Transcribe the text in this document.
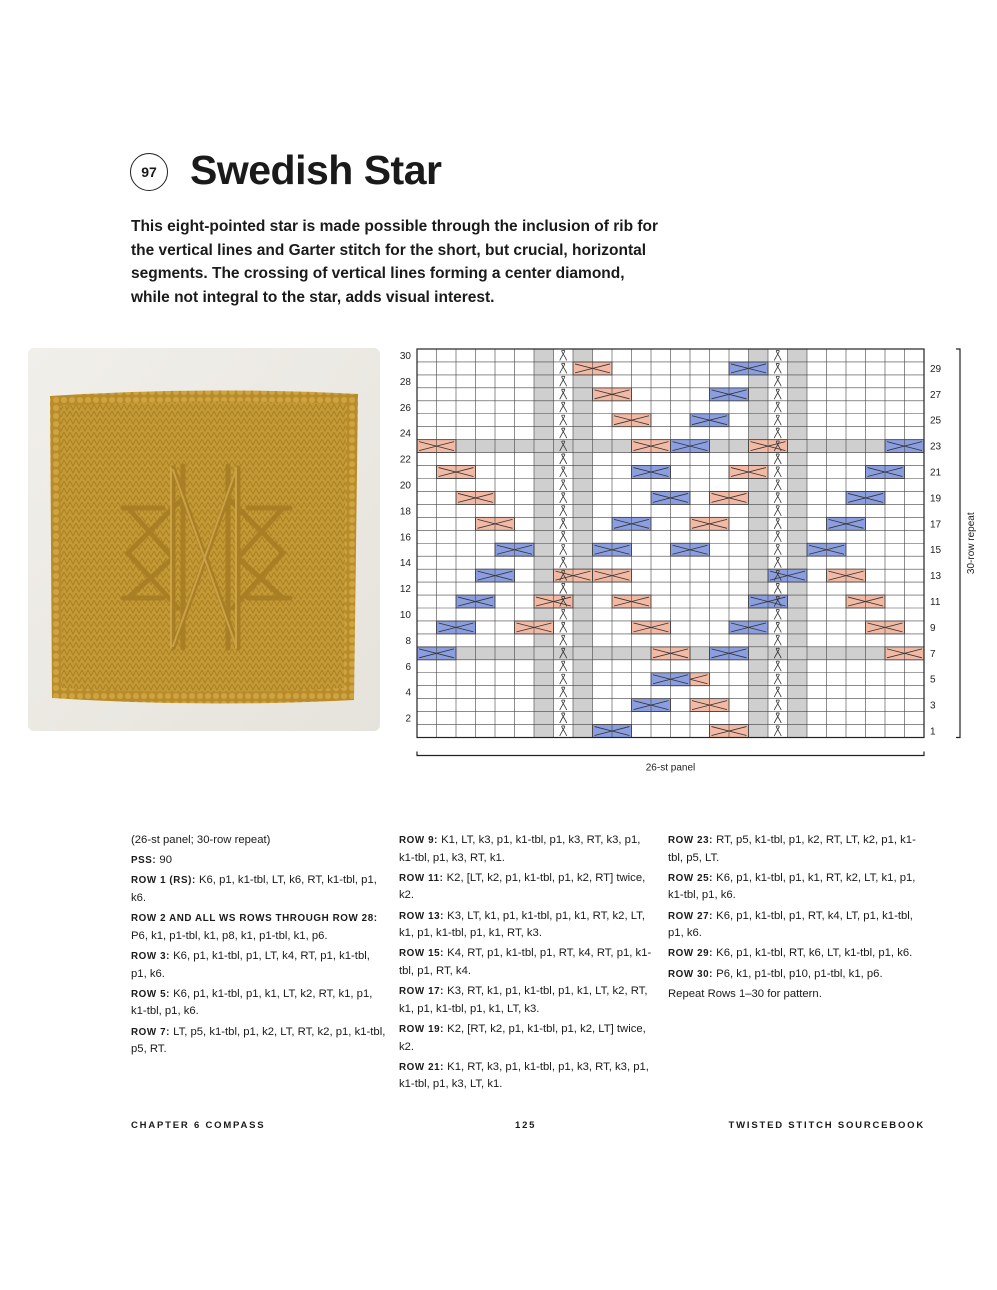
97 Swedish Star
This eight-pointed star is made possible through the inclusion of rib for the vertical lines and Garter stitch for the short, but crucial, horizontal segments. The crossing of vertical lines forming a center diamond, while not integral to the star, adds visual interest.
30
28
26
24
22
20
18
16
14
12
10
8
6
4
2
29
27
25
23
21
19
17
15
13
11
9
7
5
3
1
26-st panel
30-row repeat

(26-st panel; 30-row repeat)

PSS: 90

ROW 1 (RS): K6, p1, k1-tbl, LT, k6, RT, k1-tbl, p1, k6.

ROW 2 AND ALL WS ROWS THROUGH ROW 28: P6, k1, p1-tbl, k1, p8, k1, p1-tbl, k1, p6.

ROW 3: K6, p1, k1-tbl, p1, LT, k4, RT, p1, k1-tbl, p1, k6.

ROW 5: K6, p1, k1-tbl, p1, k1, LT, k2, RT, k1, p1, k1-tbl, p1, k6.

ROW 7: LT, p5, k1-tbl, p1, k2, LT, RT, k2, p1, k1-tbl, p5, RT.

ROW 9: K1, LT, k3, p1, k1-tbl, p1, k3, RT, k3, p1, k1-tbl, p1, k3, RT, k1.

ROW 11: K2, [LT, k2, p1, k1-tbl, p1, k2, RT] twice, k2.

ROW 13: K3, LT, k1, p1, k1-tbl, p1, k1, RT, k2, LT, k1, p1, k1-tbl, p1, k1, RT, k3.

ROW 15: K4, RT, p1, k1-tbl, p1, RT, k4, RT, p1, k1-tbl, p1, RT, k4.

ROW 17: K3, RT, k1, p1, k1-tbl, p1, k1, LT, k2, RT, k1, p1, k1-tbl, p1, k1, LT, k3.

ROW 19: K2, [RT, k2, p1, k1-tbl, p1, k2, LT] twice, k2.

ROW 21: K1, RT, k3, p1, k1-tbl, p1, k3, RT, k3, p1, k1-tbl, p1, k3, LT, k1.

ROW 23: RT, p5, k1-tbl, p1, k2, RT, LT, k2, p1, k1-tbl, p5, LT.

ROW 25: K6, p1, k1-tbl, p1, k1, RT, k2, LT, k1, p1, k1-tbl, p1, k6.

ROW 27: K6, p1, k1-tbl, p1, RT, k4, LT, p1, k1-tbl, p1, k6.

ROW 29: K6, p1, k1-tbl, RT, k6, LT, k1-tbl, p1, k6.

ROW 30: P6, k1, p1-tbl, p10, p1-tbl, k1, p6.

Repeat Rows 1–30 for pattern.

CHAPTER 6 COMPASS	125	TWISTED STITCH SOURCEBOOK
